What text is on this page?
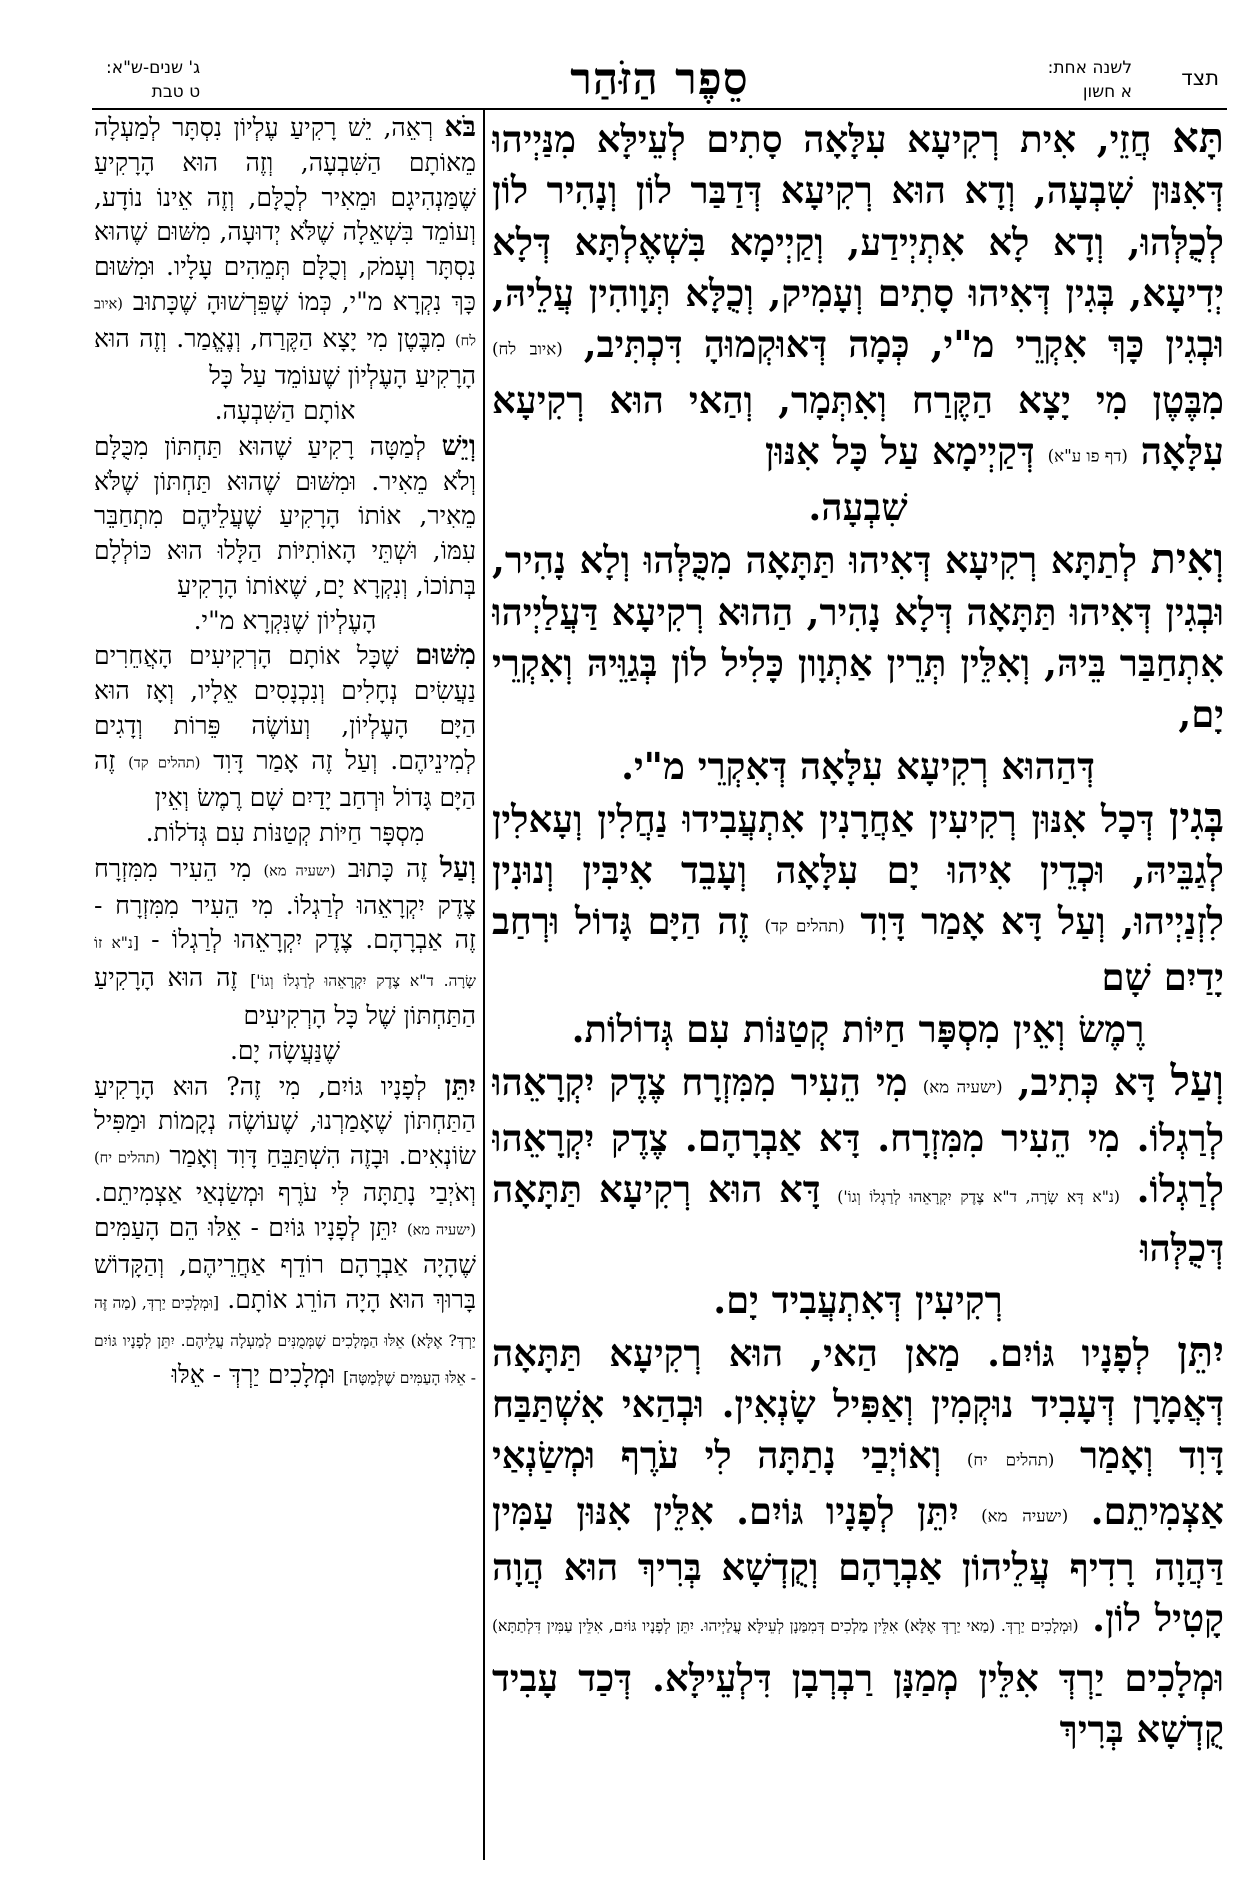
תצד
לשנה אחת:
א חשון
סֵפֶר הַזֹּהַר
ג' שנים-ש"א:
ט טבת

תָּא חֲזֵי, אִית רְקִיעָא עִלָּאָה סָתִים לְעֵילָּא מִנַּיְיהוּ דְּאִנּוּן שִׁבְעָה, וְדָא הוּא רְקִיעָא דְּדַבַּר לוֹן וְנָהִיר לוֹן לְכֻלְּהוּ, וְדָא לָא אִתְיְידַע, וְקַיְימָא בִּשְׁאֶלְתָּא דְּלָא יְדִיעָא, בְּגִין דְּאִיהוּ סָתִים וְעָמִיק, וְכֻלָּא תְּוָוהִין עֲלֵיהּ, וּבְגִין כָּךְ אִקְרֵי מ"י, כְּמָה דְּאוּקְמוּהָ דִּכְתִּיב, (איוב לח) מִבֶּטֶן מִי יָצָא הַקֶּרַח וְאִתְּמָר, וְהַאי הוּא רְקִיעָא עִלָּאָה (דף פו ע"א) דְּקַיְימָא עַל כָּל אִנּוּן

שִׁבְעָה.

וְאִית לְתַתָּא רְקִיעָא דְּאִיהוּ תַּתָּאָה מִכֻּלְּהוּ וְלָא נָהִיר, וּבְגִין דְּאִיהוּ תַּתָּאָה דְּלָא נָהִיר, הַהוּא רְקִיעָא דַּעֲלַיְיהוּ אִתְחַבַּר בֵּיהּ, וְאִלֵּין תְּרֵין אַתְוָון כָּלִיל לוֹן בְּגַוֵּיהּ וְאִקְרֵי יָם,

דְּהַהוּא רְקִיעָא עִלָּאָה דְּאִקְרֵי מ"י.

בְּגִין דְּכָל אִנּוּן רְקִיעִין אַחֲרָנִין אִתְעֲבִידוּ נַחֲלִין וְעָאלִין לְגַבֵּיהּ, וּכְדֵין אִיהוּ יָם עִלָּאָה וְעָבֵד אִיבִּין וְנוּנִין לִזְנַיְיהוּ, וְעַל דָּא אָמַר דָּוִד (תהלים קד) זֶה הַיָּם גָּדוֹל וּרְחַב יָדַיִם שָׁם

רֶמֶשׂ וְאֵין מִסְפָּר חַיּוֹת קְטַנּוֹת עִם גְּדוֹלוֹת.

וְעַל דָּא כְּתִיב, (ישעיה מא) מִי הֵעִיר מִמִּזְרָח צֶדֶק יִקְרָאֵהוּ לְרַגְלוֹ. מִי הֵעִיר מִמִּזְרָח. דָּא אַבְרָהָם. צֶדֶק יִקְרָאֵהוּ לְרַגְלוֹ. (נ"א דָּא שָׂרָה, ד"א צֶדֶק יִקְרָאֵהוּ לְרַגְלוֹ וְגוֹ') דָּא הוּא רְקִיעָא תַּתָּאָה דְּכֻלְּהוּ

רְקִיעִין דְּאִתְעֲבִיד יָם.

יִתֵּן לְפָנָיו גּוֹיִם. מַאן הַאי, הוּא רְקִיעָא תַּתָּאָה דְּאֲמָרָן דְּעָבִיד נוּקְמִין וְאַפִּיל שָׂנְאִין. וּבְהַאי אִשְׁתַּבַּח דָּוִד וְאָמַר (תהלים יח) וְאוֹיְבַי נָתַתָּה לִי עֹרֶף וּמְשַׂנְאַי אַצְמִיתֵם. (ישעיה מא) יִתֵּן לְפָנָיו גּוֹיִם. אִלֵּין אִנּוּן עַמִּין דַּהֲוָה רָדִיף עֲלֵיהוֹן אַבְרָהָם וְקֻדְשָׁא בְּרִיךְ הוּא הֲוָה קָטִיל לוֹן. (וּמְלָכִים יַרְדְּ. (מַאי יַרְדְּ אֶלָּא) אִלֵּין מַלְכִים דְּמִמַּנָן לְעֵילָּא עֲלַיְיהוּ. יִתֵּן לְפָנָיו גּוֹיִם, אִלֵּין עַמִּין דִּלְתַתָּא) וּמְלָכִים יַרְדְּ אִלֵּין מְמַנָּן רַבְרְבָן דִּלְעֵילָּא. דְּכַד עָבִיד קֻדְשָׁא בְּרִיךְ

בֹּא רְאֵה, יֵשׁ רָקִיעַ עֶלְיוֹן נִסְתָּר לְמַעְלָה מֵאוֹתָם הַשִּׁבְעָה, וְזֶה הוּא הָרָקִיעַ שֶׁמַּנְהִיגָם וּמֵאִיר לְכֻלָּם, וְזֶה אֵינוֹ נוֹדָע, וְעוֹמֵד בִּשְׁאֵלָה שֶׁלֹּא יְדוּעָה, מִשּׁוּם שֶׁהוּא נִסְתָּר וְעָמֹק, וְכֻלָּם תְּמֵהִים עָלָיו. וּמִשּׁוּם כָּךְ נִקְרָא מ"י, כְּמוֹ שֶׁפֵּרְשׁוּהָ שֶׁכָּתוּב (איוב לח) מִבֶּטֶן מִי יָצָא הַקֶּרַח, וְנֶאֱמַר. וְזֶה הוּא הָרָקִיעַ הָעֶלְיוֹן שֶׁעוֹמֵד עַל כָּל

אוֹתָם הַשִּׁבְעָה.

וְיֵשׁ לְמַטָּה רָקִיעַ שֶׁהוּא תַּחְתּוֹן מִכֻּלָּם וְלֹא מֵאִיר. וּמִשּׁוּם שֶׁהוּא תַּחְתּוֹן שֶׁלֹּא מֵאִיר, אוֹתוֹ הָרָקִיעַ שֶׁעֲלֵיהֶם מִתְחַבֵּר עִמּוֹ, וּשְׁתֵּי הָאוֹתִיּוֹת הַלָּלוּ הוּא כּוֹלְלָם בְּתוֹכוֹ, וְנִקְרָא יָם, שֶׁאוֹתוֹ הָרָקִיעַ

הָעֶלְיוֹן שֶׁנִּקְרָא מ"י.

מִשּׁוּם שֶׁכָּל אוֹתָם הָרְקִיעִים הָאֲחֵרִים נַעֲשִׂים נְחָלִים וְנִכְנָסִים אֵלָיו, וְאָז הוּא הַיָּם הָעֶלְיוֹן, וְעוֹשֶׂה פֵּרוֹת וְדָגִים לְמִינֵיהֶם. וְעַל זֶה אָמַר דָּוִד (תהלים קד) זֶה הַיָּם גָּדוֹל וּרְחַב יָדַיִם שָׁם רֶמֶשׂ וְאֵין

מִסְפָּר חַיּוֹת קְטַנּוֹת עִם גְּדֹלוֹת.

וְעַל זֶה כָּתוּב (ישעיה מא) מִי הֵעִיר מִמִּזְרָח צֶדֶק יִקְרָאֵהוּ לְרַגְלוֹ. מִי הֵעִיר מִמִּזְרָח - זֶה אַבְרָהָם. צֶדֶק יִקְרָאֵהוּ לְרַגְלוֹ - [נ"א זוֹ שָׂרָה. ד"א צֶדֶק יִקְרָאֵהוּ לְרַגְלוֹ וְגוֹ'] זֶה הוּא הָרָקִיעַ הַתַּחְתּוֹן שֶׁל כָּל הָרְקִיעִים

שֶׁנַּעֲשָׂה יָם.

יִתֵּן לְפָנָיו גּוֹיִם, מִי זֶה? הוּא הָרָקִיעַ הַתַּחְתּוֹן שֶׁאָמַרְנוּ, שֶׁעוֹשֶׂה נְקָמוֹת וּמַפִּיל שׂוֹנְאִים. וּבָזֶה הִשְׁתַּבֵּחַ דָּוִד וְאָמַר (תהלים יח) וְאֹיְבַי נָתַתָּה לִּי עֹרֶף וּמְשַׂנְאַי אַצְמִיתֵם. (ישעיה מא) יִתֵּן לְפָנָיו גּוֹיִם - אֵלּוּ הֵם הָעַמִּים שֶׁהָיָה אַבְרָהָם רוֹדֵף אַחֲרֵיהֶם, וְהַקָּדוֹשׁ בָּרוּךְ הוּא הָיָה הוֹרֵג אוֹתָם. [וּמְלָכִים יַרְדְּ, (מַה זֶּה יַרְדְּ? אֶלָּא) אֵלּוּ הַמְּלָכִים שֶׁמְּמֻנִּים לְמַעְלָה עֲלֵיהֶם. יִתֵּן לְפָנָיו גּוֹיִם - אֵלּוּ הָעַמִּים שֶׁלְּמַטָּה] וּמְלָכִים יַרְדְּ - אֵלּוּ
